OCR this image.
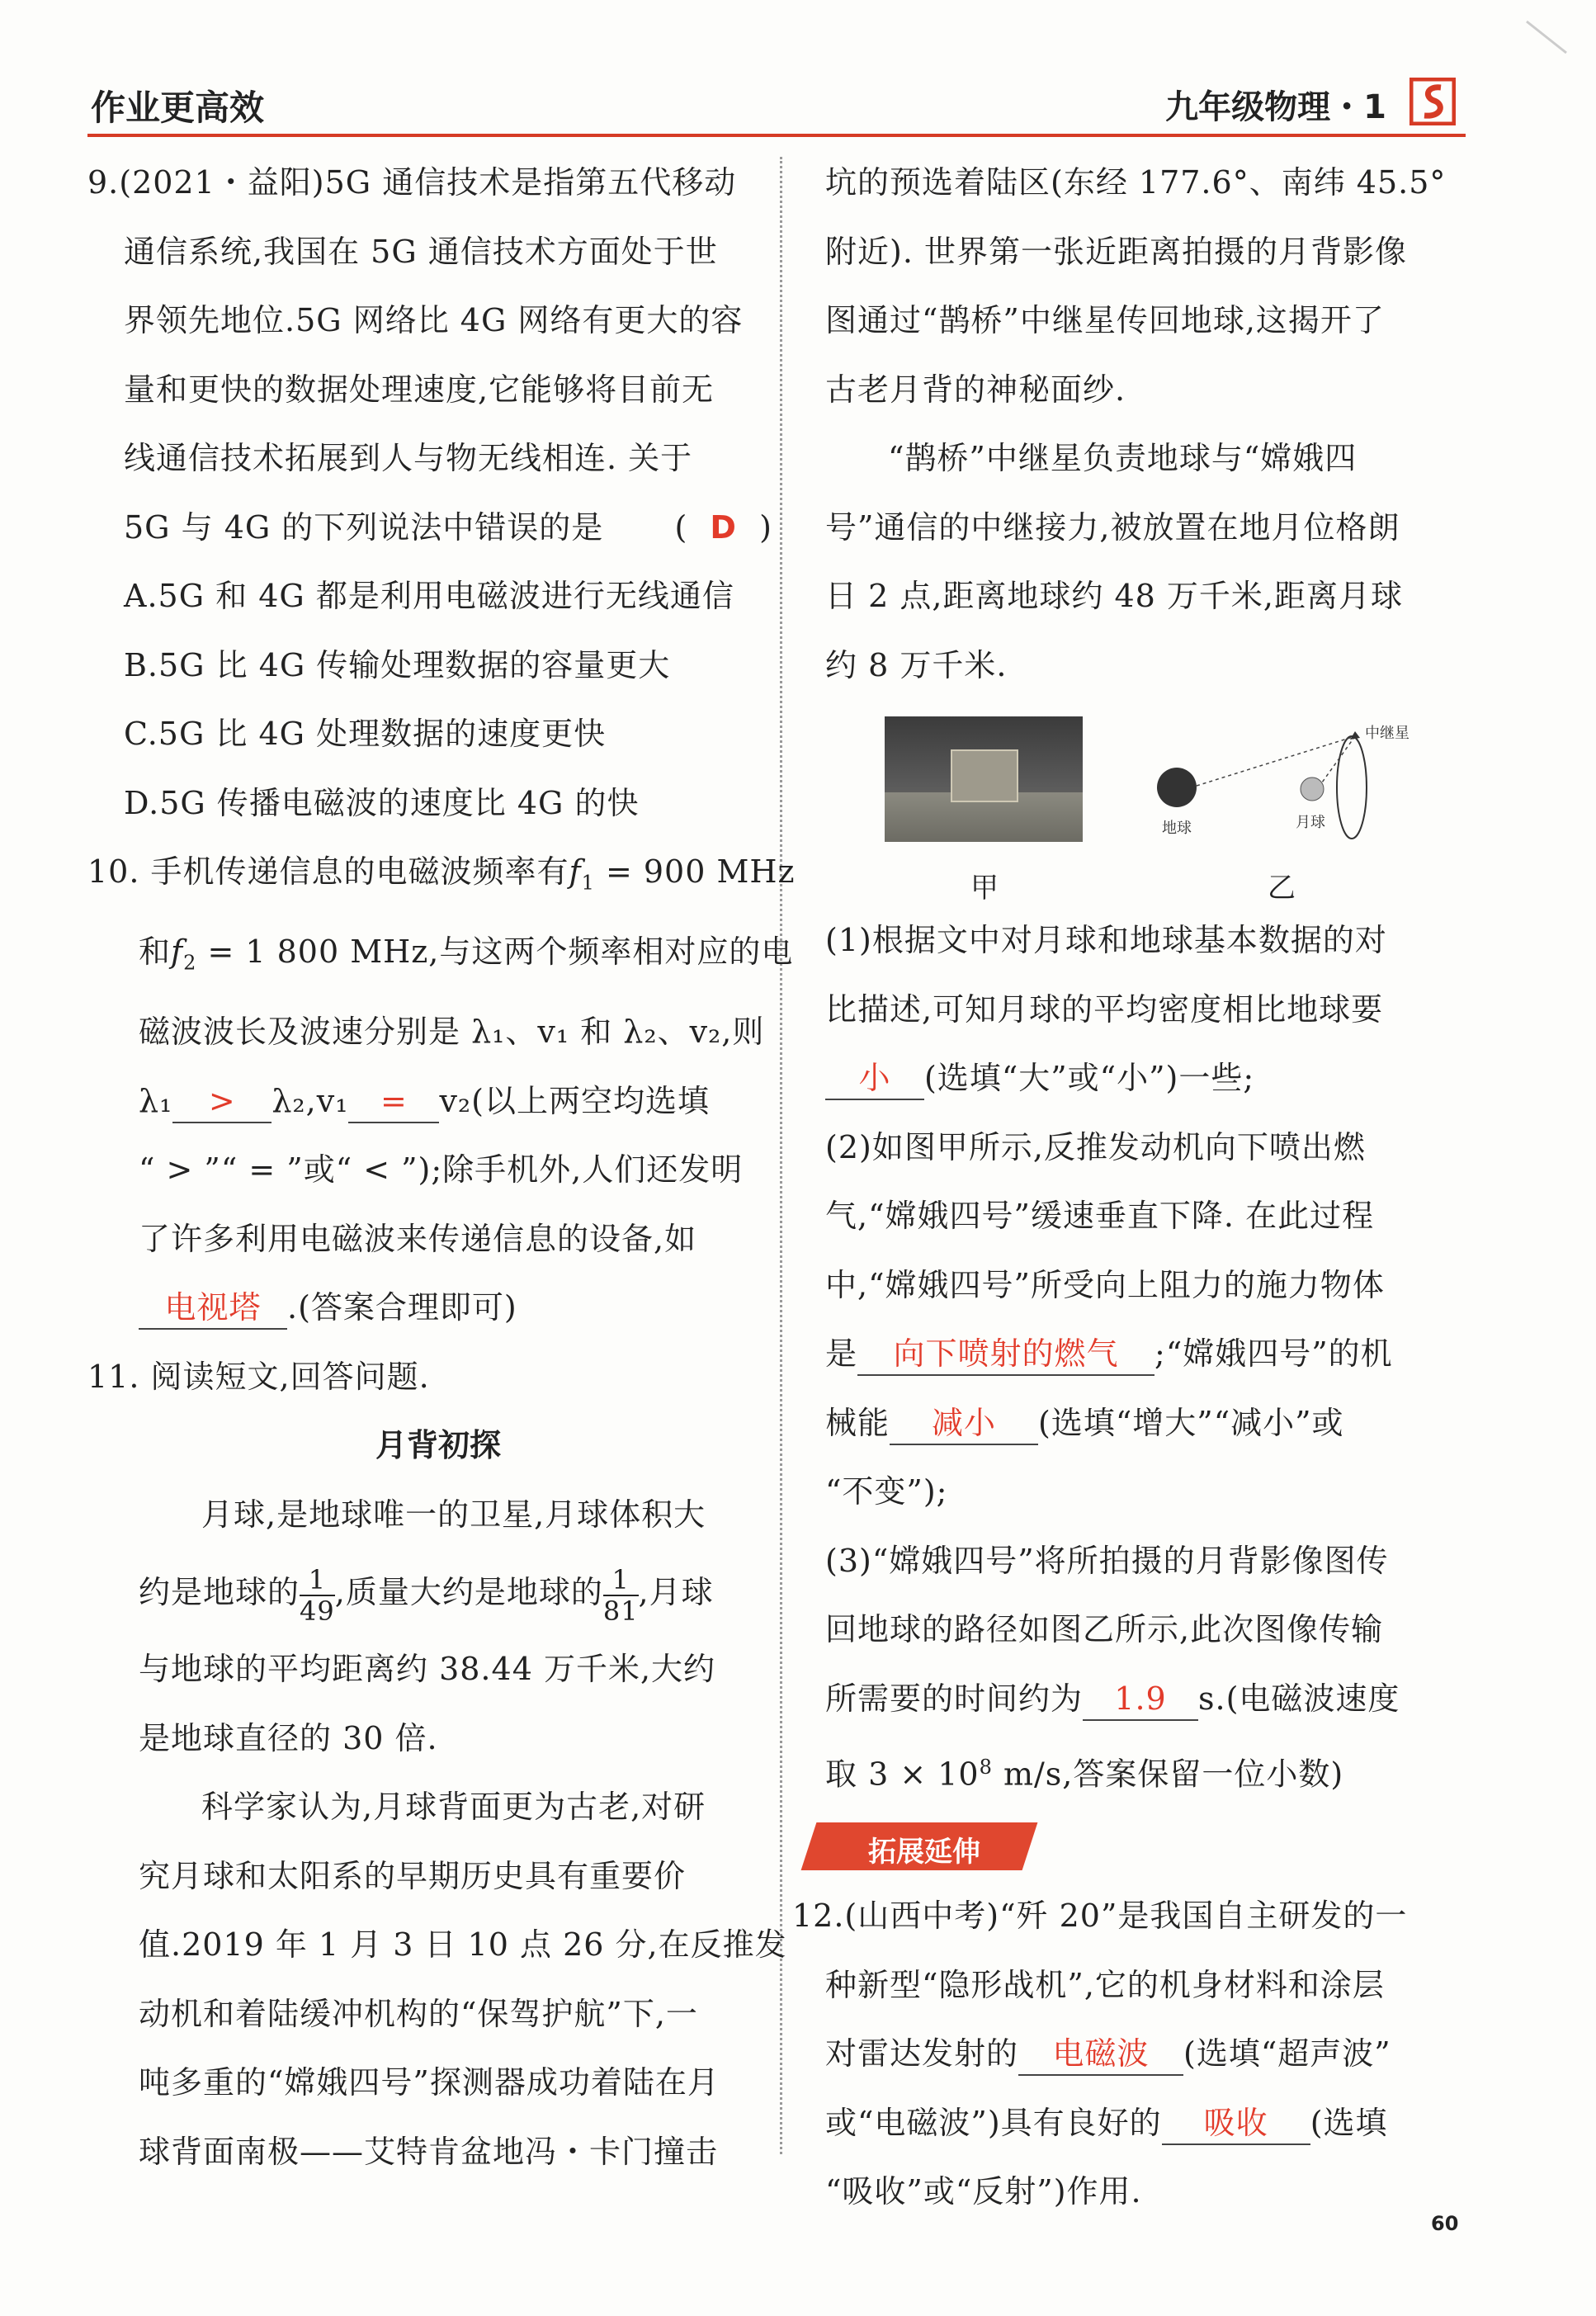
作业更高效	九年级物理・1
9.(2021・益阳)5G 通信技术是指第五代移动
通信系统,我国在 5G 通信技术方面处于世
界领先地位.5G 网络比 4G 网络有更大的容
量和更快的数据处理速度,它能够将目前无
线通信技术拓展到人与物无线相连. 关于
5G 与 4G 的下列说法中错误的是 ( D )
A.5G 和 4G 都是利用电磁波进行无线通信
B.5G 比 4G 传输处理数据的容量更大
C.5G 比 4G 处理数据的速度更快
D.5G 传播电磁波的速度比 4G 的快
10. 手机传递信息的电磁波频率有$f_1 = 900$ MHz
和$f_2 = 1$ 800 MHz,与这两个频率相对应的电
磁波波长及波速分别是 λ₁、v₁ 和 λ₂、v₂,则
λ₁ > λ₂,v₁ = v₂(以上两空均选填
“ > ”“ = ”或“ < ”);除手机外,人们还发明
了许多利用电磁波来传递信息的设备,如
电视塔 .(答案合理即可)
11. 阅读短文,回答问题.
月背初探
月球,是地球唯一的卫星,月球体积大
约是地球的 $\frac{1}{49}$ ,质量大约是地球的 $\frac{1}{81}$ ,月球
与地球的平均距离约 38.44 万千米,大约
是地球直径的 30 倍.
科学家认为,月球背面更为古老,对研
究月球和太阳系的早期历史具有重要价
值.2019 年 1 月 3 日 10 点 26 分,在反推发
动机和着陆缓冲机构的“保驾护航”下,一
吨多重的“嫦娥四号”探测器成功着陆在月
球背面南极——艾特肯盆地冯・卡门撞击
坑的预选着陆区(东经 177.6°、南纬 45.5°
附近). 世界第一张近距离拍摄的月背影像
图通过“鹊桥”中继星传回地球,这揭开了
古老月背的神秘面纱.
“鹊桥”中继星负责地球与“嫦娥四
号”通信的中继接力,被放置在地月位格朗
日 2 点,距离地球约 48 万千米,距离月球
约 8 万千米.
甲
地球	月球
中继星
乙
(1)根据文中对月球和地球基本数据的对
比描述,可知月球的平均密度相比地球要
小 (选填“大”或“小”)一些;
(2)如图甲所示,反推发动机向下喷出燃
气,“嫦娥四号”缓速垂直下降. 在此过程
中,“嫦娥四号”所受向上阻力的施力物体
是 向下喷射的燃气 ;“嫦娥四号”的机
械能 减小 (选填“增大”“减小”或
“不变”);
(3)“嫦娥四号”将所拍摄的月背影像图传
回地球的路径如图乙所示,此次图像传输
所需要的时间约为 1.9 s.(电磁波速度
取 $3 \times 10^8$ m/s,答案保留一位小数)
拓展延伸
12.(山西中考)“歼 20”是我国自主研发的一
种新型“隐形战机”,它的机身材料和涂层
对雷达发射的 电磁波 (选填“超声波”
或“电磁波”)具有良好的 吸收 (选填
“吸收”或“反射”)作用.
60
